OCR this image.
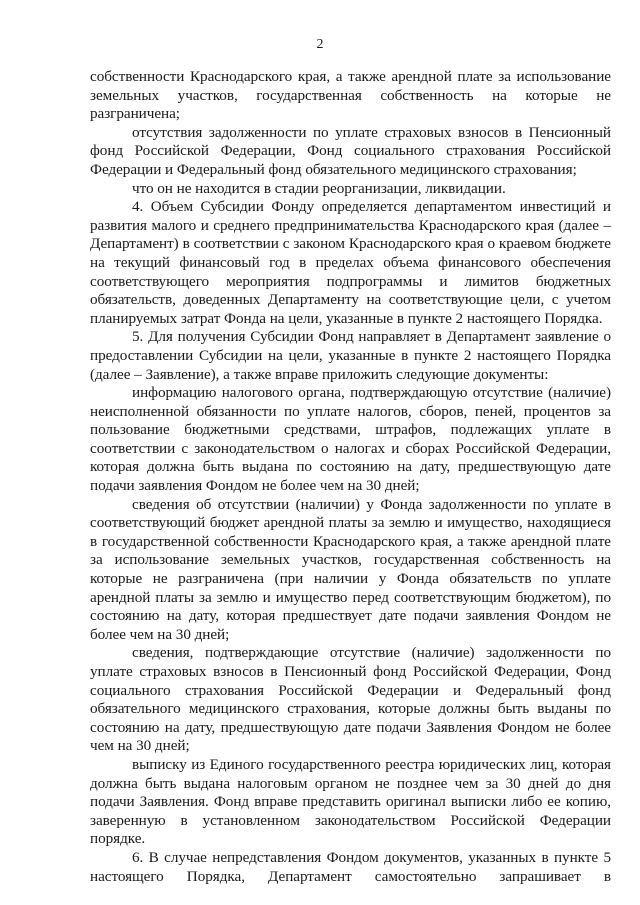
2

собственности Краснодарского края, а также арендной плате за использование земельных участков, государственная собственность на которые не разграничена;

отсутствия задолженности по уплате страховых взносов в Пенсионный фонд Российской Федерации, Фонд социального страхования Российской Федерации и Федеральный фонд обязательного медицинского страхования;

что он не находится в стадии реорганизации, ликвидации.

4. Объем Субсидии Фонду определяется департаментом инвестиций и развития малого и среднего предпринимательства Краснодарского края (далее – Департамент) в соответствии с законом Краснодарского края о краевом бюджете на текущий финансовый год в пределах объема финансового обеспечения соответствующего мероприятия подпрограммы и лимитов бюджетных обязательств, доведенных Департаменту на соответствующие цели, с учетом планируемых затрат Фонда на цели, указанные в пункте 2 настоящего Порядка.

5. Для получения Субсидии Фонд направляет в Департамент заявление о предоставлении Субсидии на цели, указанные в пункте 2 настоящего Порядка (далее – Заявление), а также вправе приложить следующие документы:

информацию налогового органа, подтверждающую отсутствие (наличие) неисполненной обязанности по уплате налогов, сборов, пеней, процентов за пользование бюджетными средствами, штрафов, подлежащих уплате в соответствии с законодательством о налогах и сборах Российской Федерации, которая должна быть выдана по состоянию на дату, предшествующую дате подачи заявления Фондом не более чем на 30 дней;

сведения об отсутствии (наличии) у Фонда задолженности по уплате в соответствующий бюджет арендной платы за землю и имущество, находящиеся в государственной собственности Краснодарского края, а также арендной плате за использование земельных участков, государственная собственность на которые не разграничена (при наличии у Фонда обязательств по уплате арендной платы за землю и имущество перед соответствующим бюджетом), по состоянию на дату, которая предшествует дате подачи заявления Фондом не более чем на 30 дней;

сведения, подтверждающие отсутствие (наличие) задолженности по уплате страховых взносов в Пенсионный фонд Российской Федерации, Фонд социального страхования Российской Федерации и Федеральный фонд обязательного медицинского страхования, которые должны быть выданы по состоянию на дату, предшествующую дате подачи Заявления Фондом не более чем на 30 дней;

выписку из Единого государственного реестра юридических лиц, которая должна быть выдана налоговым органом не позднее чем за 30 дней до дня подачи Заявления. Фонд вправе представить оригинал выписки либо ее копию, заверенную в установленном законодательством Российской Федерации порядке.

6. В случае непредставления Фондом документов, указанных в пункте 5 настоящего Порядка, Департамент самостоятельно запрашивает в
